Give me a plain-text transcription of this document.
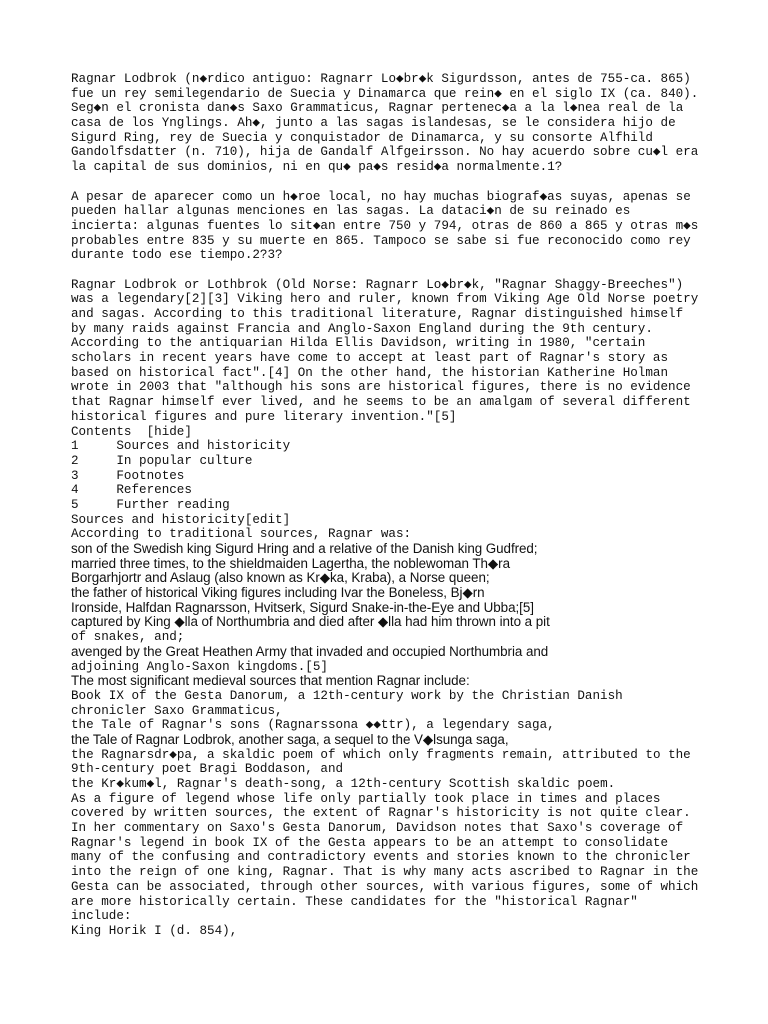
Ragnar Lodbrok (n◆rdico antiguo: Ragnarr Lo◆br◆k Sigurdsson, antes de 755-ca. 865)
fue un rey semilegendario de Suecia y Dinamarca que rein◆ en el siglo IX (ca. 840).
Seg◆n el cronista dan◆s Saxo Grammaticus, Ragnar pertenec◆a a la l◆nea real de la
casa de los Ynglings. Ah◆, junto a las sagas islandesas, se le considera hijo de
Sigurd Ring, rey de Suecia y conquistador de Dinamarca, y su consorte Alfhild
Gandolfsdatter (n. 710), hija de Gandalf Alfgeirsson. No hay acuerdo sobre cu◆l era
la capital de sus dominios, ni en qu◆ pa◆s resid◆a normalmente.1?
A pesar de aparecer como un h◆roe local, no hay muchas biograf◆as suyas, apenas se
pueden hallar algunas menciones en las sagas. La dataci◆n de su reinado es
incierta: algunas fuentes lo sit◆an entre 750 y 794, otras de 860 a 865 y otras m◆s
probables entre 835 y su muerte en 865. Tampoco se sabe si fue reconocido como rey
durante todo ese tiempo.2?3?
Ragnar Lodbrok or Lothbrok (Old Norse: Ragnarr Lo◆br◆k, "Ragnar Shaggy-Breeches")
was a legendary[2][3] Viking hero and ruler, known from Viking Age Old Norse poetry
and sagas. According to this traditional literature, Ragnar distinguished himself
by many raids against Francia and Anglo-Saxon England during the 9th century.
According to the antiquarian Hilda Ellis Davidson, writing in 1980, "certain
scholars in recent years have come to accept at least part of Ragnar's story as
based on historical fact".[4] On the other hand, the historian Katherine Holman
wrote in 2003 that "although his sons are historical figures, there is no evidence
that Ragnar himself ever lived, and he seems to be an amalgam of several different
historical figures and pure literary invention."[5]
Contents  [hide]
1     Sources and historicity
2     In popular culture
3     Footnotes
4     References
5     Further reading
Sources and historicity[edit]
According to traditional sources, Ragnar was:
son of the Swedish king Sigurd Hring and a relative of the Danish king Gudfred;
married three times, to the shieldmaiden Lagertha, the noblewoman Th◆ra
Borgarhjortr and Aslaug (also known as Kr◆ka, Kraba), a Norse queen;
the father of historical Viking figures including Ivar the Boneless, Bj◆rn
Ironside, Halfdan Ragnarsson, Hvitserk, Sigurd Snake-in-the-Eye and Ubba;[5]
captured by King ◆lla of Northumbria and died after ◆lla had him thrown into a pit
of snakes, and;
avenged by the Great Heathen Army that invaded and occupied Northumbria and
adjoining Anglo-Saxon kingdoms.[5]
The most significant medieval sources that mention Ragnar include:
Book IX of the Gesta Danorum, a 12th-century work by the Christian Danish
chronicler Saxo Grammaticus,
the Tale of Ragnar's sons (Ragnarssona ◆◆ttr), a legendary saga,
the Tale of Ragnar Lodbrok, another saga, a sequel to the V◆lsunga saga,
the Ragnarsdr◆pa, a skaldic poem of which only fragments remain, attributed to the
9th-century poet Bragi Boddason, and
the Kr◆kum◆l, Ragnar's death-song, a 12th-century Scottish skaldic poem.
As a figure of legend whose life only partially took place in times and places
covered by written sources, the extent of Ragnar's historicity is not quite clear.
In her commentary on Saxo's Gesta Danorum, Davidson notes that Saxo's coverage of
Ragnar's legend in book IX of the Gesta appears to be an attempt to consolidate
many of the confusing and contradictory events and stories known to the chronicler
into the reign of one king, Ragnar. That is why many acts ascribed to Ragnar in the
Gesta can be associated, through other sources, with various figures, some of which
are more historically certain. These candidates for the "historical Ragnar"
include:
King Horik I (d. 854),
